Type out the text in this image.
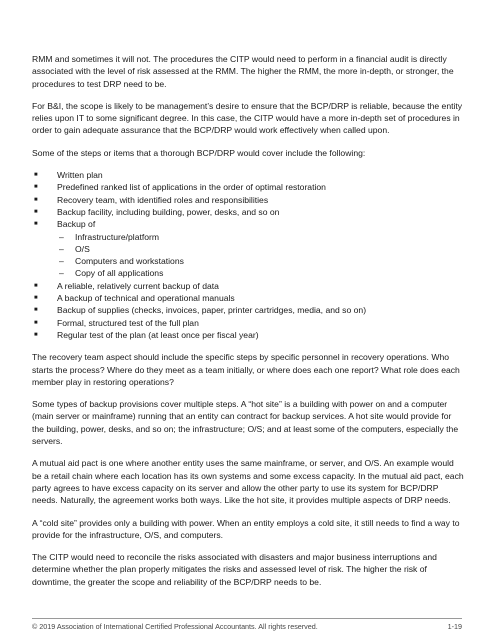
RMM and sometimes it will not. The procedures the CITP would need to perform in a financial audit is directly associated with the level of risk assessed at the RMM. The higher the RMM, the more in-depth, or stronger, the procedures to test DRP need to be.

For B&I, the scope is likely to be management’s desire to ensure that the BCP/DRP is reliable, because the entity relies upon IT to some significant degree. In this case, the CITP would have a more in-depth set of procedures in order to gain adequate assurance that the BCP/DRP would work effectively when called upon.

Some of the steps or items that a thorough BCP/DRP would cover include the following:

■ Written plan
■ Predefined ranked list of applications in the order of optimal restoration
■ Recovery team, with identified roles and responsibilities
■ Backup facility, including building, power, desks, and so on
■ Backup of
– Infrastructure/platform
– O/S
– Computers and workstations
– Copy of all applications
■ A reliable, relatively current backup of data
■ A backup of technical and operational manuals
■ Backup of supplies (checks, invoices, paper, printer cartridges, media, and so on)
■ Formal, structured test of the full plan
■ Regular test of the plan (at least once per fiscal year)

The recovery team aspect should include the specific steps by specific personnel in recovery operations. Who starts the process? Where do they meet as a team initially, or where does each one report? What role does each member play in restoring operations?

Some types of backup provisions cover multiple steps. A “hot site” is a building with power on and a computer (main server or mainframe) running that an entity can contract for backup services. A hot site would provide for the building, power, desks, and so on; the infrastructure; O/S; and at least some of the computers, especially the servers.

A mutual aid pact is one where another entity uses the same mainframe, or server, and O/S. An example would be a retail chain where each location has its own systems and some excess capacity. In the mutual aid pact, each party agrees to have excess capacity on its server and allow the other party to use its system for BCP/DRP needs. Naturally, the agreement works both ways. Like the hot site, it provides multiple aspects of DRP needs.

A “cold site” provides only a building with power. When an entity employs a cold site, it still needs to find a way to provide for the infrastructure, O/S, and computers.

The CITP would need to reconcile the risks associated with disasters and major business interruptions and determine whether the plan properly mitigates the risks and assessed level of risk. The higher the risk of downtime, the greater the scope and reliability of the BCP/DRP needs to be.

© 2019 Association of International Certified Professional Accountants. All rights reserved.	1-19
